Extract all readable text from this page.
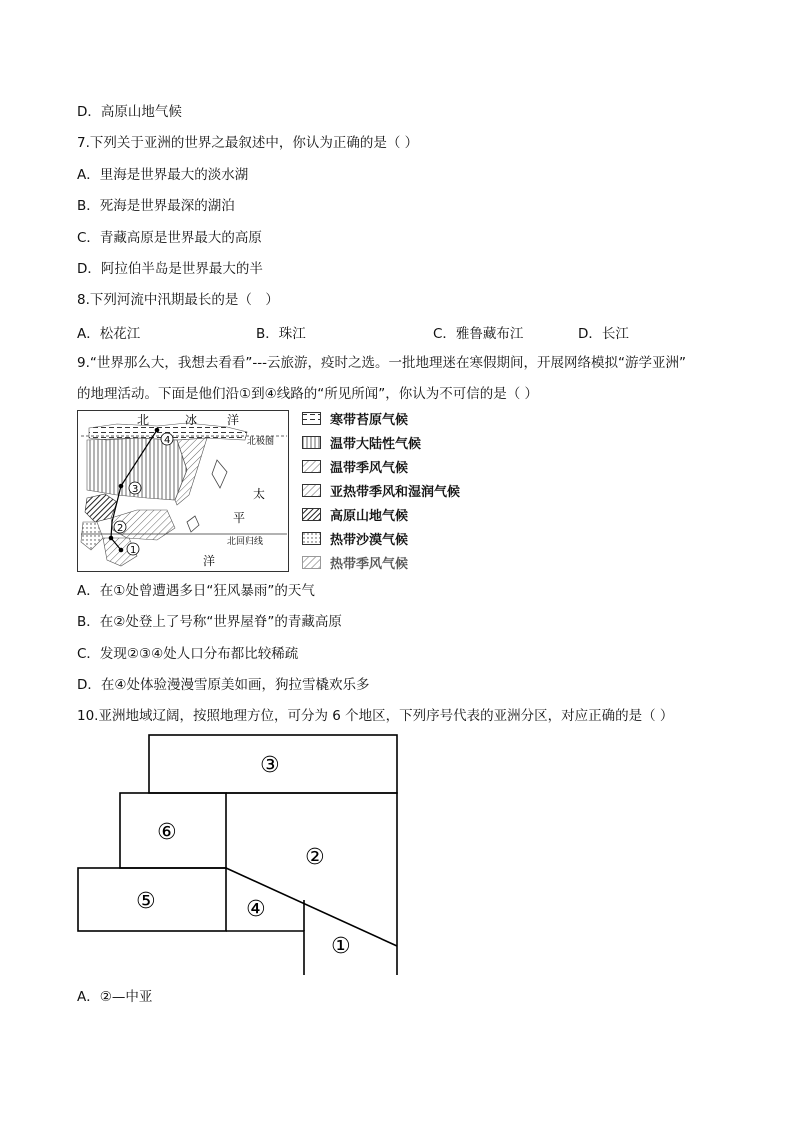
D．高原山地气候
7.下列关于亚洲的世界之最叙述中，你认为正确的是（ ）
A．里海是世界最大的淡水湖
B．死海是世界最深的湖泊
C．青藏高原是世界最大的高原
D．阿拉伯半岛是世界最大的半
8.下列河流中汛期最长的是（　）
A．松花江	B．珠江	C．雅鲁藏布江	D．长江
9.“世界那么大，我想去看看”---云旅游，疫时之选。一批地理迷在寒假期间，开展网络模拟“游学亚洲”
的地理活动。下面是他们沿①到④线路的“所见所闻”，你认为不可信的是（ ）
1
2
3
4
北	冰 洋
太
平
洋
北极圈
北回归线
寒带苔原气候
温带大陆性气候
温带季风气候
亚热带季风和湿润气候
高原山地气候
热带沙漠气候
热带季风气候
A．在①处曾遭遇多日“狂风暴雨”的天气
B．在②处登上了号称“世界屋脊”的青藏高原
C．发现②③④处人口分布都比较稀疏
D．在④处体验漫漫雪原美如画，狗拉雪橇欢乐多
10.亚洲地域辽阔，按照地理方位，可分为 6 个地区，下列序号代表的亚洲分区，对应正确的是（ ）
③
⑥
②
⑤	④
①
A．②—中亚
